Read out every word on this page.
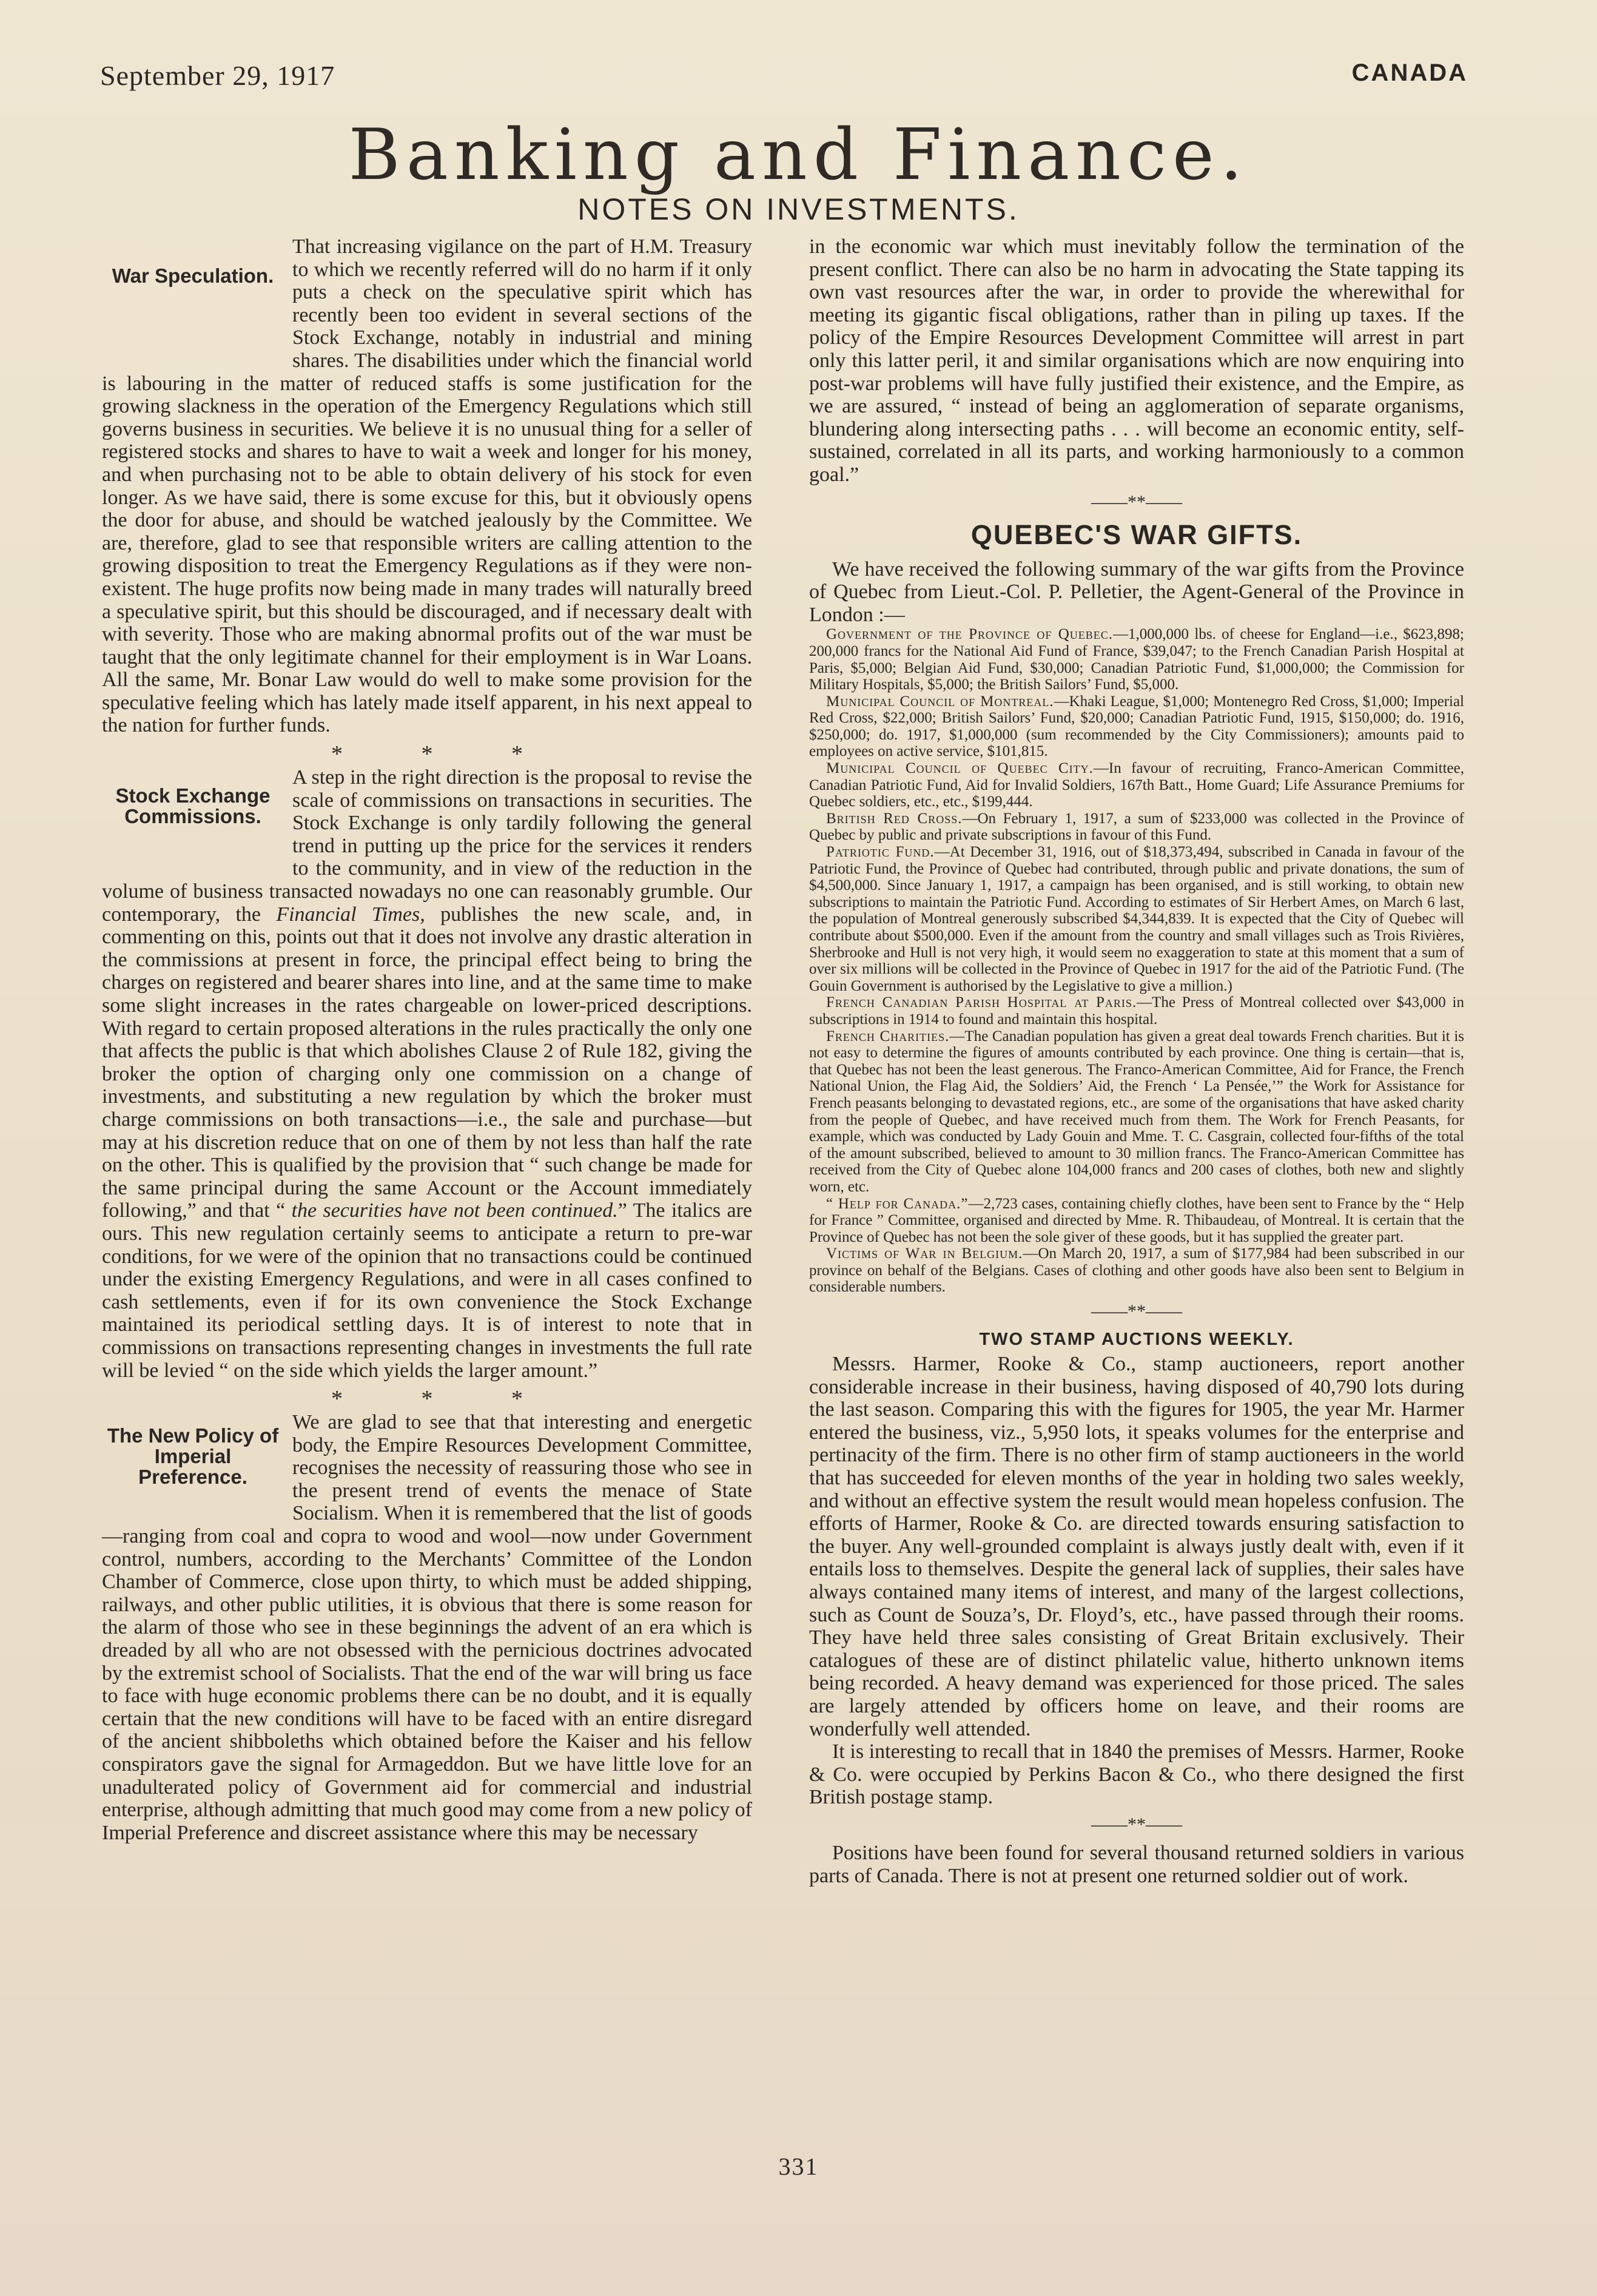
September 29, 1917	CANADA
Banking and Finance.
NOTES ON INVESTMENTS.
War Speculation.

That increasing vigilance on the part of H.M. Treasury to which we recently referred will do no harm if it only puts a check on the speculative spirit which has recently been too evident in several sections of the Stock Exchange, notably in industrial and mining shares. The disabilities under which the financial world is labouring in the matter of reduced staffs is some justification for the growing slackness in the operation of the Emergency Regulations which still governs business in securities. We believe it is no unusual thing for a seller of registered stocks and shares to have to wait a week and longer for his money, and when purchasing not to be able to obtain delivery of his stock for even longer. As we have said, there is some excuse for this, but it obviously opens the door for abuse, and should be watched jealously by the Committee. We are, therefore, glad to see that responsible writers are calling attention to the growing disposition to treat the Emergency Regulations as if they were non-existent. The huge profits now being made in many trades will naturally breed a speculative spirit, but this should be discouraged, and if necessary dealt with with severity. Those who are making abnormal profits out of the war must be taught that the only legitimate channel for their employment is in War Loans. All the same, Mr. Bonar Law would do well to make some provision for the speculative feeling which has lately made itself apparent, in his next appeal to the nation for further funds.

* * *
Stock Exchange Commissions.

A step in the right direction is the proposal to revise the scale of commissions on transactions in securities. The Stock Exchange is only tardily following the general trend in putting up the price for the services it renders to the community, and in view of the reduction in the volume of business transacted nowadays no one can reasonably grumble. Our contemporary, the Financial Times, publishes the new scale, and, in commenting on this, points out that it does not involve any drastic alteration in the commissions at present in force, the principal effect being to bring the charges on registered and bearer shares into line, and at the same time to make some slight increases in the rates chargeable on lower-priced descriptions. With regard to certain proposed alterations in the rules practically the only one that affects the public is that which abolishes Clause 2 of Rule 182, giving the broker the option of charging only one commission on a change of investments, and substituting a new regulation by which the broker must charge commissions on both transactions—i.e., the sale and purchase—but may at his discretion reduce that on one of them by not less than half the rate on the other. This is qualified by the provision that “ such change be made for the same principal during the same Account or the Account immediately following,” and that “ the securities have not been continued.” The italics are ours. This new regulation certainly seems to anticipate a return to pre-war conditions, for we were of the opinion that no transactions could be continued under the existing Emergency Regulations, and were in all cases confined to cash settlements, even if for its own convenience the Stock Exchange maintained its periodical settling days. It is of interest to note that in commissions on transactions representing changes in investments the full rate will be levied “ on the side which yields the larger amount.”

* * *
The New Policy of Imperial Preference.

We are glad to see that that interesting and energetic body, the Empire Resources Development Committee, recognises the necessity of reassuring those who see in the present trend of events the menace of State Socialism. When it is remembered that the list of goods—ranging from coal and copra to wood and wool—now under Government control, numbers, according to the Merchants’ Committee of the London Chamber of Commerce, close upon thirty, to which must be added shipping, railways, and other public utilities, it is obvious that there is some reason for the alarm of those who see in these beginnings the advent of an era which is dreaded by all who are not obsessed with the pernicious doctrines advocated by the extremist school of Socialists. That the end of the war will bring us face to face with huge economic problems there can be no doubt, and it is equally certain that the new conditions will have to be faced with an entire disregard of the ancient shibboleths which obtained before the Kaiser and his fellow conspirators gave the signal for Armageddon. But we have little love for an unadulterated policy of Government aid for commercial and industrial enterprise, although admitting that much good may come from a new policy of Imperial Preference and discreet assistance where this may be necessary

in the economic war which must inevitably follow the termination of the present conflict. There can also be no harm in advocating the State tapping its own vast resources after the war, in order to provide the wherewithal for meeting its gigantic fiscal obligations, rather than in piling up taxes. If the policy of the Empire Resources Development Committee will arrest in part only this latter peril, it and similar organisations which are now enquiring into post-war problems will have fully justified their existence, and the Empire, as we are assured, “ instead of being an agglomeration of separate organisms, blundering along intersecting paths . . . will become an economic entity, self-sustained, correlated in all its parts, and working harmoniously to a common goal.”

——**——
QUEBEC'S WAR GIFTS.

We have received the following summary of the war gifts from the Province of Quebec from Lieut.-Col. P. Pelletier, the Agent-General of the Province in London :—

Government of the Province of Quebec.—1,000,000 lbs. of cheese for England—i.e., $623,898; 200,000 francs for the National Aid Fund of France, $39,047; to the French Canadian Parish Hospital at Paris, $5,000; Belgian Aid Fund, $30,000; Canadian Patriotic Fund, $1,000,000; the Commission for Military Hospitals, $5,000; the British Sailors’ Fund, $5,000.

Municipal Council of Montreal.—Khaki League, $1,000; Montenegro Red Cross, $1,000; Imperial Red Cross, $22,000; British Sailors’ Fund, $20,000; Canadian Patriotic Fund, 1915, $150,000; do. 1916, $250,000; do. 1917, $1,000,000 (sum recommended by the City Commissioners); amounts paid to employees on active service, $101,815.

Municipal Council of Quebec City.—In favour of recruiting, Franco-American Committee, Canadian Patriotic Fund, Aid for Invalid Soldiers, 167th Batt., Home Guard; Life Assurance Premiums for Quebec soldiers, etc., etc., $199,444.

British Red Cross.—On February 1, 1917, a sum of $233,000 was collected in the Province of Quebec by public and private subscriptions in favour of this Fund.

Patriotic Fund.—At December 31, 1916, out of $18,373,494, subscribed in Canada in favour of the Patriotic Fund, the Province of Quebec had contributed, through public and private donations, the sum of $4,500,000. Since January 1, 1917, a campaign has been organised, and is still working, to obtain new subscriptions to maintain the Patriotic Fund. According to estimates of Sir Herbert Ames, on March 6 last, the population of Montreal generously subscribed $4,344,839. It is expected that the City of Quebec will contribute about $500,000. Even if the amount from the country and small villages such as Trois Rivières, Sherbrooke and Hull is not very high, it would seem no exaggeration to state at this moment that a sum of over six millions will be collected in the Province of Quebec in 1917 for the aid of the Patriotic Fund. (The Gouin Government is authorised by the Legislative to give a million.)

French Canadian Parish Hospital at Paris.—The Press of Montreal collected over $43,000 in subscriptions in 1914 to found and maintain this hospital.

French Charities.—The Canadian population has given a great deal towards French charities. But it is not easy to determine the figures of amounts contributed by each province. One thing is certain—that is, that Quebec has not been the least generous. The Franco-American Committee, Aid for France, the French National Union, the Flag Aid, the Soldiers’ Aid, the French ‘ La Pensée,’” the Work for Assistance for French peasants belonging to devastated regions, etc., are some of the organisations that have asked charity from the people of Quebec, and have received much from them. The Work for French Peasants, for example, which was conducted by Lady Gouin and Mme. T. C. Casgrain, collected four-fifths of the total of the amount subscribed, believed to amount to 30 million francs. The Franco-American Committee has received from the City of Quebec alone 104,000 francs and 200 cases of clothes, both new and slightly worn, etc.

“ Help for Canada.”—2,723 cases, containing chiefly clothes, have been sent to France by the “ Help for France ” Committee, organised and directed by Mme. R. Thibaudeau, of Montreal. It is certain that the Province of Quebec has not been the sole giver of these goods, but it has supplied the greater part.

Victims of War in Belgium.—On March 20, 1917, a sum of $177,984 had been subscribed in our province on behalf of the Belgians. Cases of clothing and other goods have also been sent to Belgium in considerable numbers.

——**——
TWO STAMP AUCTIONS WEEKLY.

Messrs. Harmer, Rooke & Co., stamp auctioneers, report another considerable increase in their business, having disposed of 40,790 lots during the last season. Comparing this with the figures for 1905, the year Mr. Harmer entered the business, viz., 5,950 lots, it speaks volumes for the enterprise and pertinacity of the firm. There is no other firm of stamp auctioneers in the world that has succeeded for eleven months of the year in holding two sales weekly, and without an effective system the result would mean hopeless confusion. The efforts of Harmer, Rooke & Co. are directed towards ensuring satisfaction to the buyer. Any well-grounded complaint is always justly dealt with, even if it entails loss to themselves. Despite the general lack of supplies, their sales have always contained many items of interest, and many of the largest collections, such as Count de Souza’s, Dr. Floyd’s, etc., have passed through their rooms. They have held three sales consisting of Great Britain exclusively. Their catalogues of these are of distinct philatelic value, hitherto unknown items being recorded. A heavy demand was experienced for those priced. The sales are largely attended by officers home on leave, and their rooms are wonderfully well attended.

It is interesting to recall that in 1840 the premises of Messrs. Harmer, Rooke & Co. were occupied by Perkins Bacon & Co., who there designed the first British postage stamp.

——**——

Positions have been found for several thousand returned soldiers in various parts of Canada. There is not at present one returned soldier out of work.

331
